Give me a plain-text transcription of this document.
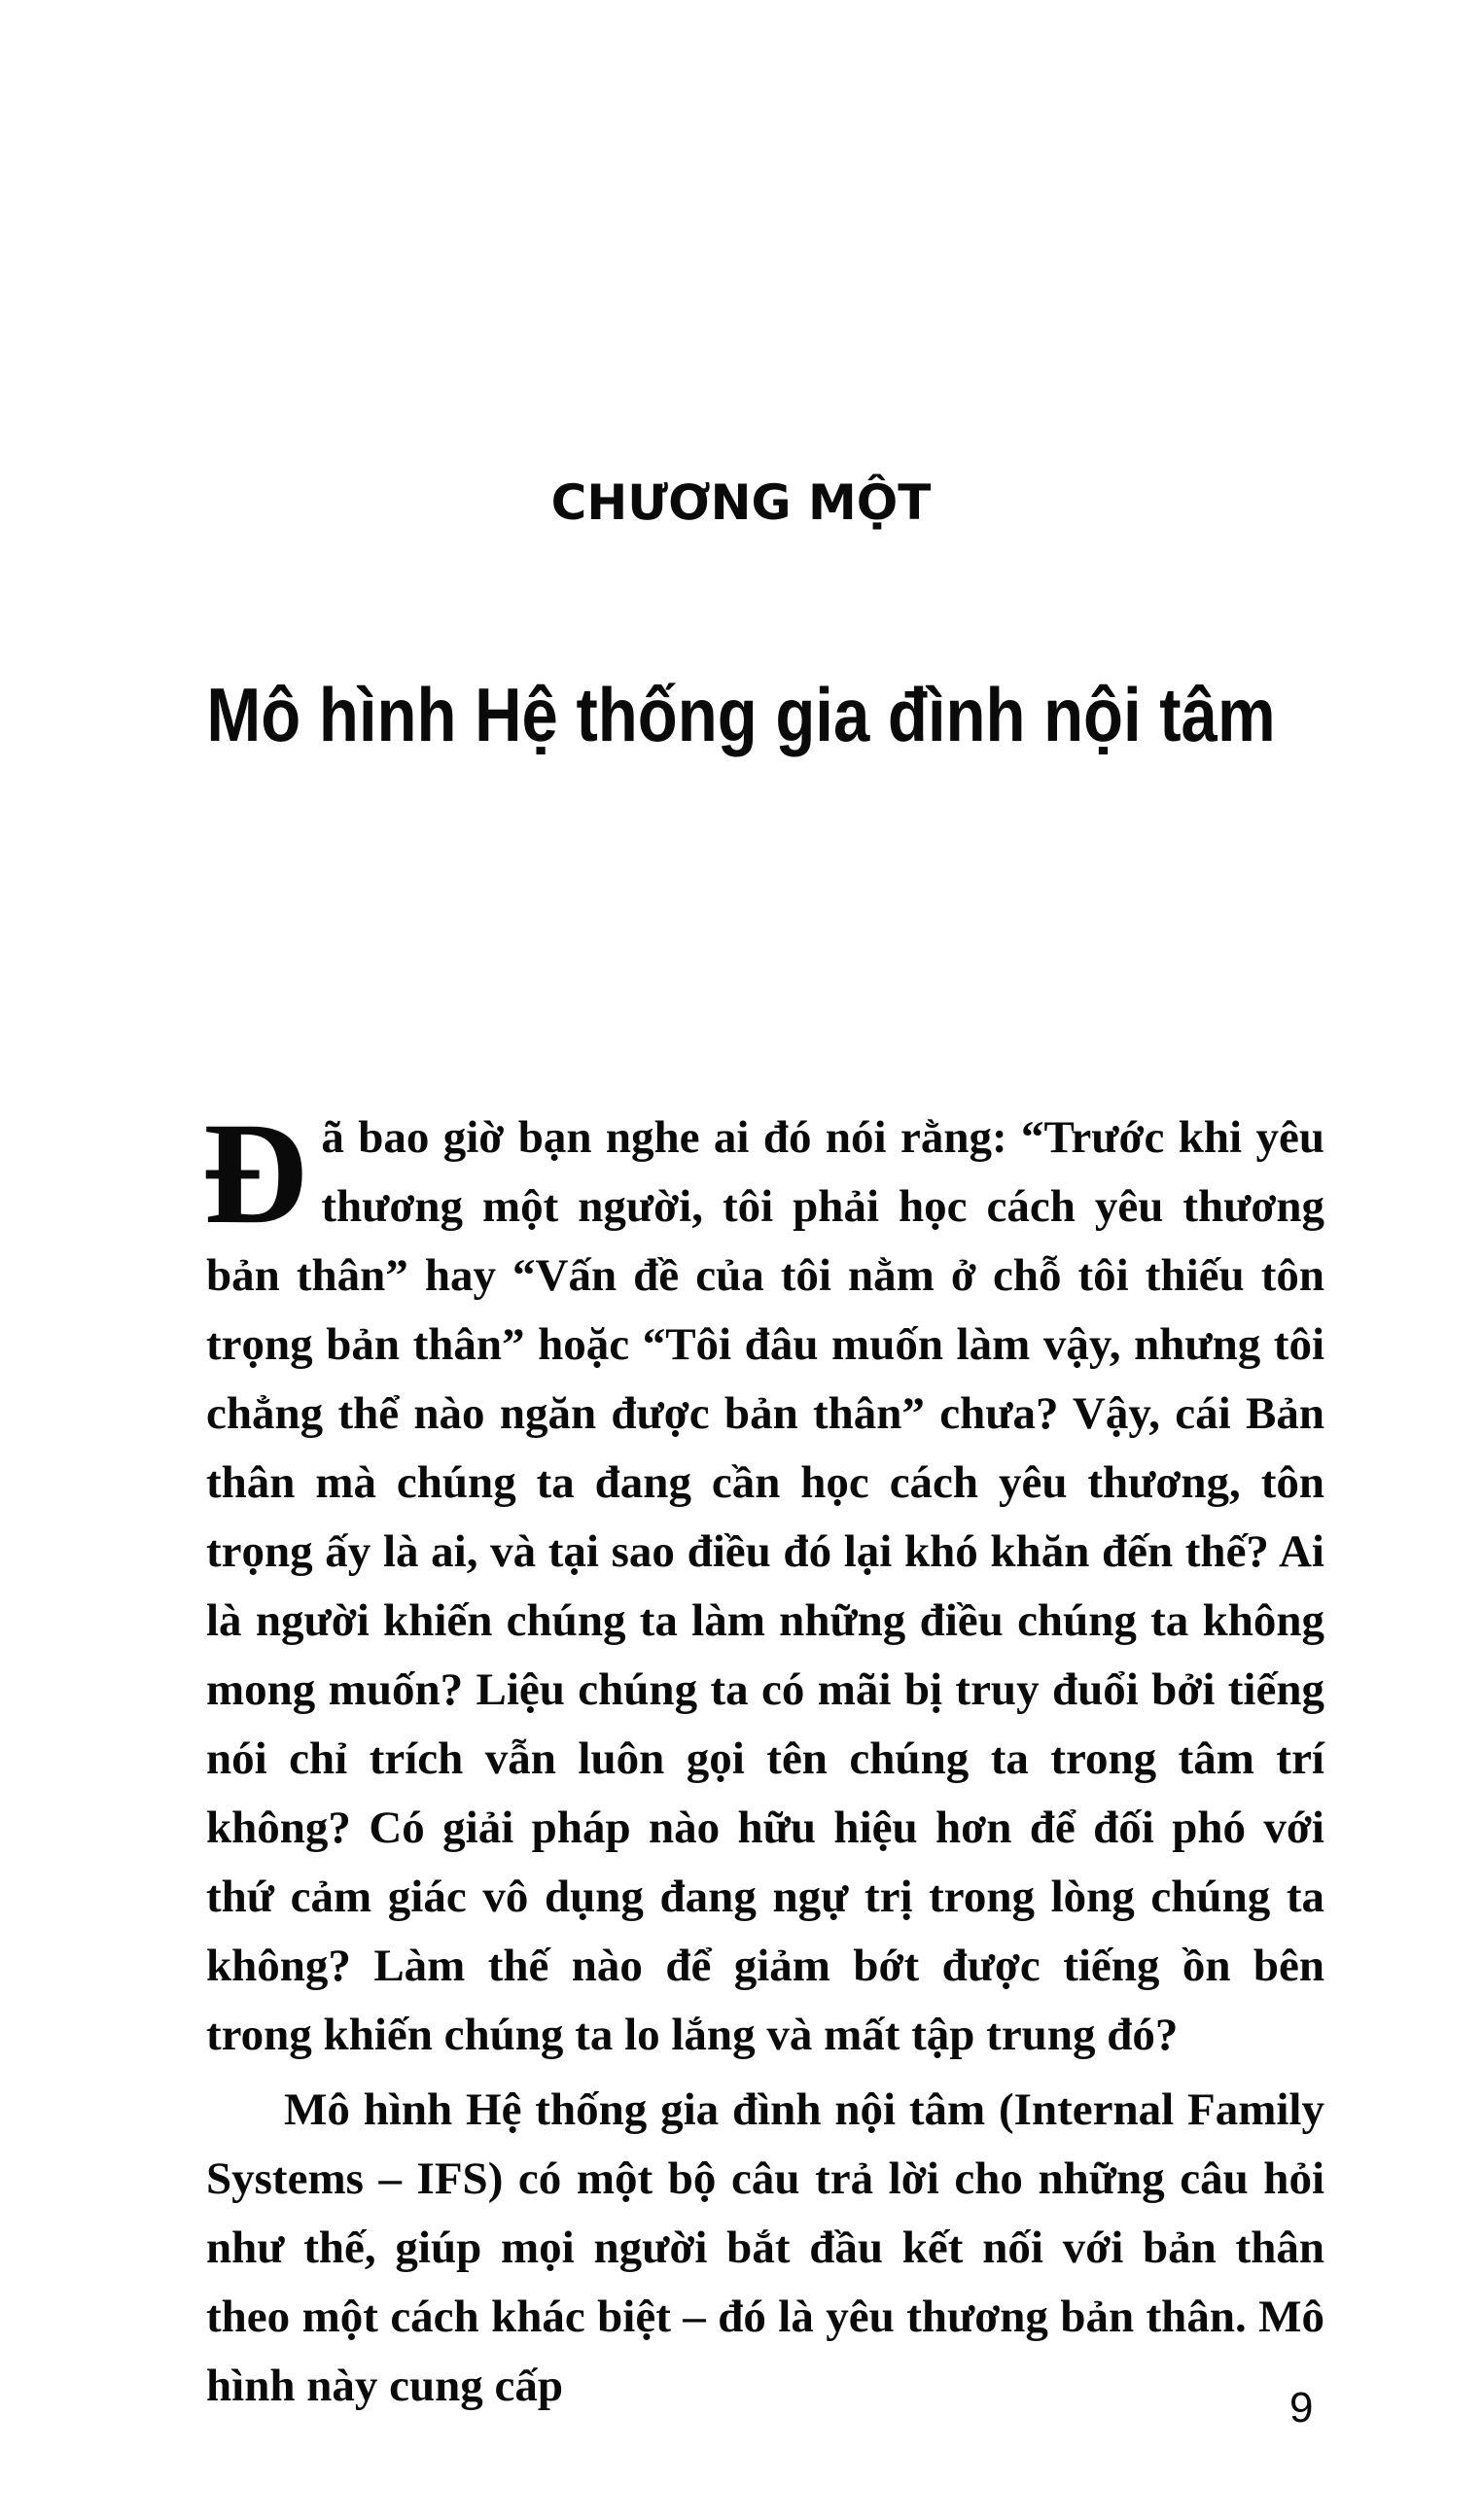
CHƯƠNG MỘT
Mô hình Hệ thống gia đình nội tâm

Đã bao giờ bạn nghe ai đó nói rằng: “Trước khi yêu thương một người, tôi phải học cách yêu thương bản thân” hay “Vấn đề của tôi nằm ở chỗ tôi thiếu tôn trọng bản thân” hoặc “Tôi đâu muốn làm vậy, nhưng tôi chẳng thể nào ngăn được bản thân” chưa? Vậy, cái Bản thân mà chúng ta đang cần học cách yêu thương, tôn trọng ấy là ai, và tại sao điều đó lại khó khăn đến thế? Ai là người khiến chúng ta làm những điều chúng ta không mong muốn? Liệu chúng ta có mãi bị truy đuổi bởi tiếng nói chỉ trích vẫn luôn gọi tên chúng ta trong tâm trí không? Có giải pháp nào hữu hiệu hơn để đối phó với thứ cảm giác vô dụng đang ngự trị trong lòng chúng ta không? Làm thế nào để giảm bớt được tiếng ồn bên trong khiến chúng ta lo lắng và mất tập trung đó?

Mô hình Hệ thống gia đình nội tâm (Internal Family Systems – IFS) có một bộ câu trả lời cho những câu hỏi như thế, giúp mọi người bắt đầu kết nối với bản thân theo một cách khác biệt – đó là yêu thương bản thân. Mô hình này cung cấp	9
